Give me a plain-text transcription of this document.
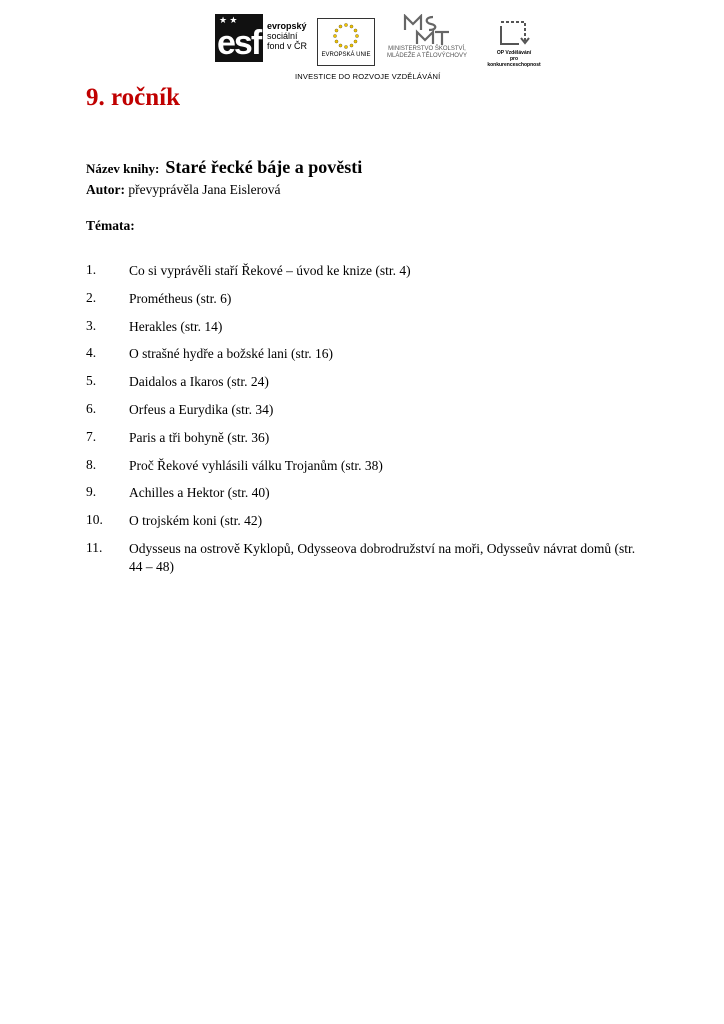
★ ★
esf evropský
sociální
fond v ČR
EVROPSKÁ UNIE
MINISTERSTVO ŠKOLSTVÍ,
MLÁDEŽE A TĚLOVÝCHOVY	OP Vzdělávání
pro konkurenceschopnost
INVESTICE DO ROZVOJE VZDĚLÁVÁNÍ
9. ročník
Název knihy: Staré řecké báje a pověsti
Autor: převyprávěla Jana Eislerová
Témata:
1.	Co si vyprávěli staří Řekové – úvod ke knize (str. 4)
2.	Prométheus (str. 6)
3.	Herakles (str. 14)
4.	O strašné hydře a božské lani (str. 16)
5.	Daidalos a Ikaros (str. 24)
6.	Orfeus a Eurydika (str. 34)
7.	Paris a tři bohyně (str. 36)
8.	Proč Řekové vyhlásili válku Trojanům (str. 38)
9.	Achilles a Hektor (str. 40)
10.	O trojském koni (str. 42)
11.	Odysseus na ostrově Kyklopů, Odysseova dobrodružství na moři, Odysseův návrat domů (str. 44 – 48)
